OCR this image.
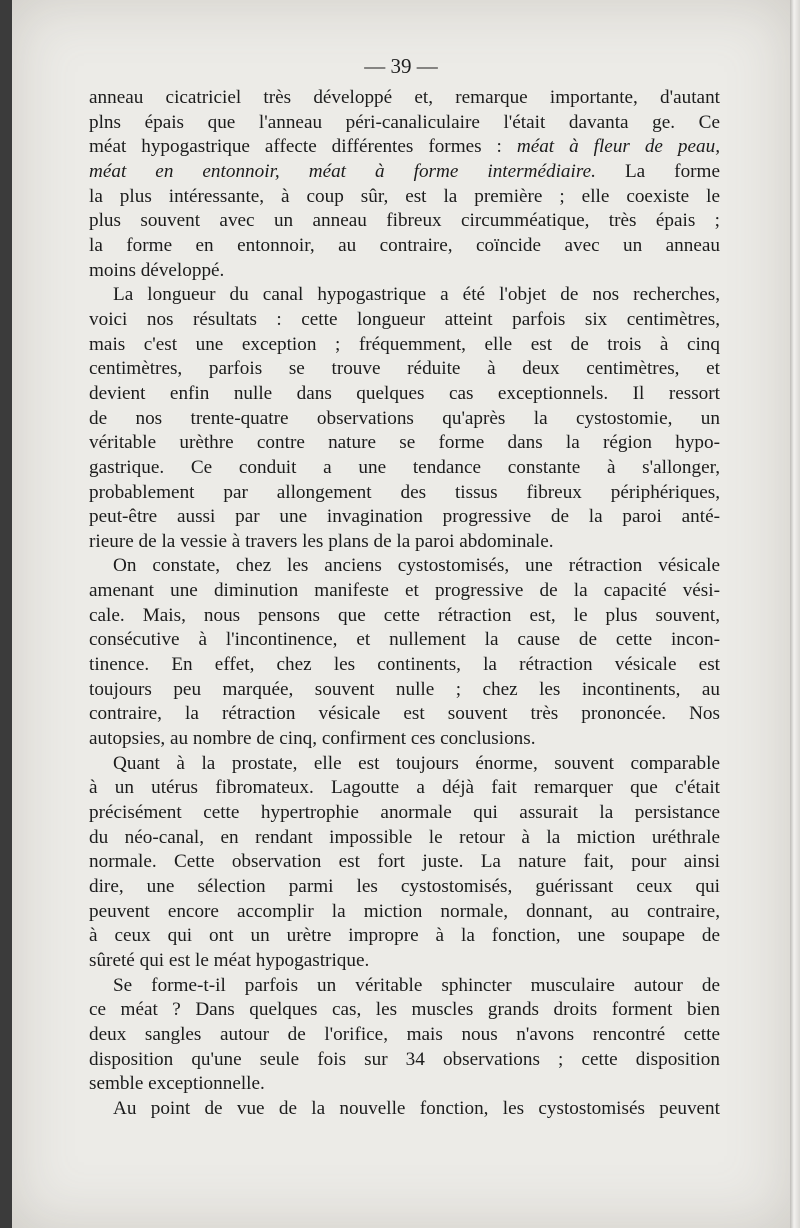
— 39 —
anneau cicatriciel très développé et, remarque importante, d'autant
plns épais que l'anneau péri-canaliculaire l'était davanta ge. Ce
méat hypogastrique affecte différentes formes : méat à fleur de peau,
méat en entonnoir, méat à forme intermédiaire. La forme
la plus intéressante, à coup sûr, est la première ; elle coexiste le
plus souvent avec un anneau fibreux circumméatique, très épais ;
la forme en entonnoir, au contraire, coïncide avec un anneau
moins développé.
La longueur du canal hypogastrique a été l'objet de nos recherches,
voici nos résultats : cette longueur atteint parfois six centimètres,
mais c'est une exception ; fréquemment, elle est de trois à cinq
centimètres, parfois se trouve réduite à deux centimètres, et
devient enfin nulle dans quelques cas exceptionnels. Il ressort
de nos trente-quatre observations qu'après la cystostomie, un
véritable urèthre contre nature se forme dans la région hypo-
gastrique. Ce conduit a une tendance constante à s'allonger,
probablement par allongement des tissus fibreux périphériques,
peut-être aussi par une invagination progressive de la paroi anté-
rieure de la vessie à travers les plans de la paroi abdominale.
On constate, chez les anciens cystostomisés, une rétraction vésicale
amenant une diminution manifeste et progressive de la capacité vési-
cale. Mais, nous pensons que cette rétraction est, le plus souvent,
consécutive à l'incontinence, et nullement la cause de cette incon-
tinence. En effet, chez les continents, la rétraction vésicale est
toujours peu marquée, souvent nulle ; chez les incontinents, au
contraire, la rétraction vésicale est souvent très prononcée. Nos
autopsies, au nombre de cinq, confirment ces conclusions.
Quant à la prostate, elle est toujours énorme, souvent comparable
à un utérus fibromateux. Lagoutte a déjà fait remarquer que c'était
précisément cette hypertrophie anormale qui assurait la persistance
du néo-canal, en rendant impossible le retour à la miction uréthrale
normale. Cette observation est fort juste. La nature fait, pour ainsi
dire, une sélection parmi les cystostomisés, guérissant ceux qui
peuvent encore accomplir la miction normale, donnant, au contraire,
à ceux qui ont un urètre impropre à la fonction, une soupape de
sûreté qui est le méat hypogastrique.
Se forme-t-il parfois un véritable sphincter musculaire autour de
ce méat ? Dans quelques cas, les muscles grands droits forment bien
deux sangles autour de l'orifice, mais nous n'avons rencontré cette
disposition qu'une seule fois sur 34 observations ; cette disposition
semble exceptionnelle.
Au point de vue de la nouvelle fonction, les cystostomisés peuvent
